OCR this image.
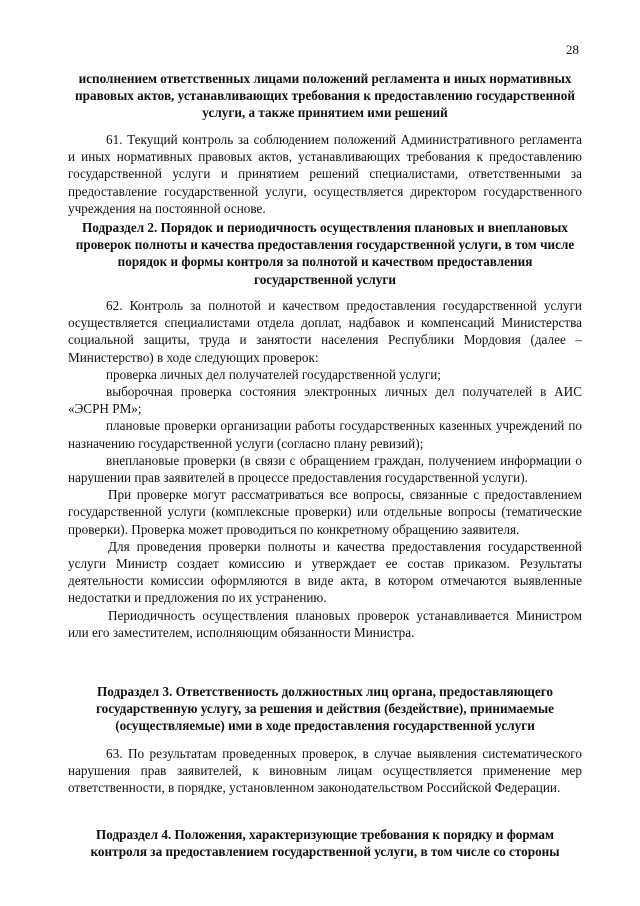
28
исполнением ответственных лицами положений регламента и иных нормативных правовых актов, устанавливающих требования к предоставлению государственной услуги, а также принятием ими решений

61. Текущий контроль за соблюдением положений Административного регламента и иных нормативных правовых актов, устанавливающих требования к предоставлению государственной услуги и принятием решений специалистами, ответственными за предоставление государственной услуги, осуществляется директором государственного учреждения на постоянной основе.

Подраздел 2. Порядок и периодичность осуществления плановых и внеплановых проверок полноты и качества предоставления государственной услуги, в том числе порядок и формы контроля за полнотой и качеством предоставления государственной услуги

62. Контроль за полнотой и качеством предоставления государственной услуги осуществляется специалистами отдела доплат, надбавок и компенсаций Министерства социальной защиты, труда и занятости населения Республики Мордовия (далее – Министерство) в ходе следующих проверок:

проверка личных дел получателей государственной услуги;

выборочная проверка состояния электронных личных дел получателей в АИС «ЭСРН РМ»;

плановые проверки организации работы государственных казенных учреждений по назначению государственной услуги (согласно плану ревизий);

внеплановые проверки (в связи с обращением граждан, получением информации о нарушении прав заявителей в процессе предоставления государственной услуги).

При проверке могут рассматриваться все вопросы, связанные с предоставлением государственной услуги (комплексные проверки) или отдельные вопросы (тематические проверки). Проверка может проводиться по конкретному обращению заявителя.

Для проведения проверки полноты и качества предоставления государственной услуги Министр создает комиссию и утверждает ее состав приказом. Результаты деятельности комиссии оформляются в виде акта, в котором отмечаются выявленные недостатки и предложения по их устранению.

Периодичность осуществления плановых проверок устанавливается Министром или его заместителем, исполняющим обязанности Министра.

Подраздел 3. Ответственность должностных лиц органа, предоставляющего государственную услугу, за решения и действия (бездействие), принимаемые (осуществляемые) ими в ходе предоставления государственной услуги

63. По результатам проведенных проверок, в случае выявления систематического нарушения прав заявителей, к виновным лицам осуществляется применение мер ответственности, в порядке, установленном законодательством Российской Федерации.

Подраздел 4. Положения, характеризующие требования к порядку и формам контроля за предоставлением государственной услуги, в том числе со стороны
